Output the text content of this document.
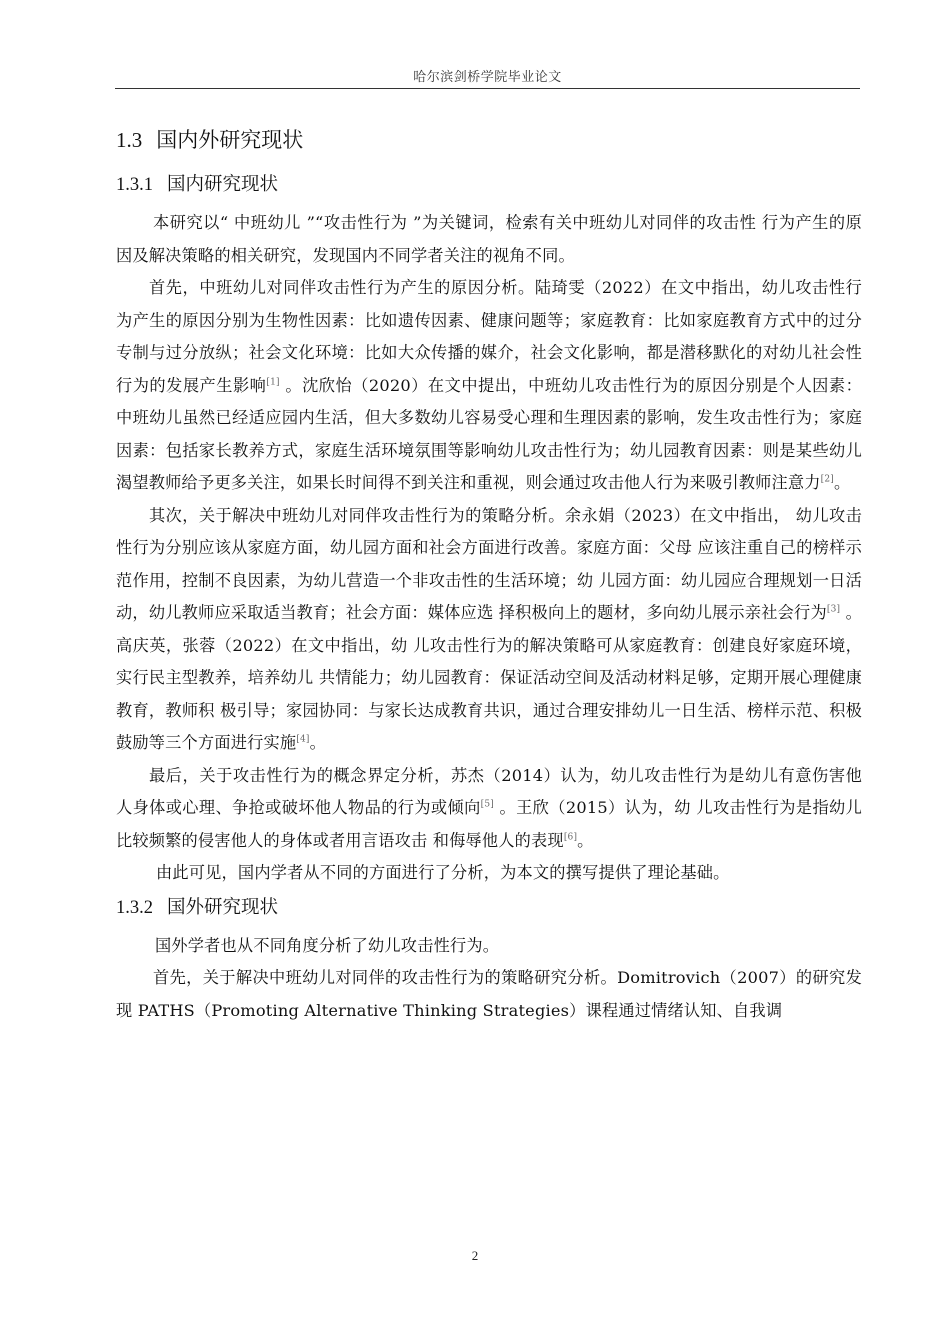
哈尔滨剑桥学院毕业论文
1.3 国内外研究现状
1.3.1 国内研究现状

本研究以“ 中班幼儿 ”“攻击性行为 ”为关键词，检索有关中班幼儿对同伴的攻击性 行为产生的原因及解决策略的相关研究，发现国内不同学者关注的视角不同。

首先，中班幼儿对同伴攻击性行为产生的原因分析。陆琦雯（2022）在文中指出，幼儿攻击性行为产生的原因分别为生物性因素：比如遗传因素、健康问题等；家庭教育：比如家庭教育方式中的过分专制与过分放纵；社会文化环境：比如大众传播的媒介，社会文化影响，都是潜移默化的对幼儿社会性行为的发展产生影响[1] 。沈欣怡（2020）在文中提出，中班幼儿攻击性行为的原因分别是个人因素：中班幼儿虽然已经适应园内生活，但大多数幼儿容易受心理和生理因素的影响，发生攻击性行为；家庭因素：包括家长教养方式，家庭生活环境氛围等影响幼儿攻击性行为；幼儿园教育因素：则是某些幼儿渴望教师给予更多关注，如果长时间得不到关注和重视，则会通过攻击他人行为来吸引教师注意力[2]。

其次，关于解决中班幼儿对同伴攻击性行为的策略分析。余永娟（2023）在文中指出， 幼儿攻击性行为分别应该从家庭方面，幼儿园方面和社会方面进行改善。家庭方面：父母 应该注重自己的榜样示范作用，控制不良因素，为幼儿营造一个非攻击性的生活环境；幼 儿园方面：幼儿园应合理规划一日活动，幼儿教师应采取适当教育；社会方面：媒体应选 择积极向上的题材，多向幼儿展示亲社会行为[3] 。高庆英，张蓉（2022）在文中指出，幼 儿攻击性行为的解决策略可从家庭教育：创建良好家庭环境，实行民主型教养，培养幼儿 共情能力；幼儿园教育：保证活动空间及活动材料足够，定期开展心理健康教育，教师积 极引导；家园协同：与家长达成教育共识，通过合理安排幼儿一日生活、榜样示范、积极 鼓励等三个方面进行实施[4]。

最后，关于攻击性行为的概念界定分析，苏杰（2014）认为，幼儿攻击性行为是幼儿有意伤害他人身体或心理、争抢或破坏他人物品的行为或倾向[5] 。王欣（2015）认为，幼 儿攻击性行为是指幼儿比较频繁的侵害他人的身体或者用言语攻击 和侮辱他人的表现[6]。

由此可见，国内学者从不同的方面进行了分析，为本文的撰写提供了理论基础。

1.3.2 国外研究现状

国外学者也从不同角度分析了幼儿攻击性行为。

首先，关于解决中班幼儿对同伴的攻击性行为的策略研究分析。Domitrovich（2007）的研究发现 PATHS（Promoting Alternative Thinking Strategies）课程通过情绪认知、自我调

2
